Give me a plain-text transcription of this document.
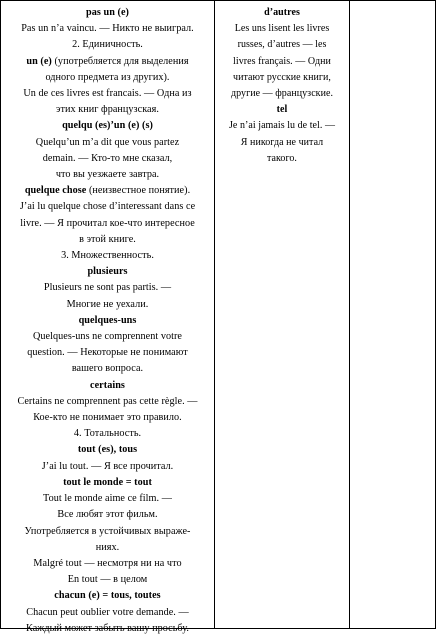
pas un (e)
Pas un n’a vaincu. — Никто не выиграл.
2. Единичность.
un (e) (употребляется для выделения
одного предмета из других).
Un de ces livres est francais. — Одна из
этих книг французская.
quelqu (es)’un (e) (s)
Quelqu’un m’a dit que vous partez
demain. — Кто-то мне сказал,
что вы уезжаете завтра.
quelque chose (неизвестное понятие).
J’ai lu quelque chose d’interessant dans ce
livre. — Я прочитал кое-что интересное
в этой книге.
3. Множественность.
plusieurs
Plusieurs ne sont pas partis. —
Многие не уехали.
quelques-uns
Quelques-uns ne comprennent votre
question. — Некоторые не понимают
вашего вопроса.
certains
Certains ne comprennent pas cette règle. —
Кое-кто не понимает это правило.
4. Тотальность.
tout (es), tous
J’ai lu tout. — Я все прочитал.
tout le monde = tout
Tout le monde aime ce film. —
Все любят этот фильм.
Употребляется в устойчивых выраже-
ниях.
Malgré tout — несмотря ни на что
En tout — в целом
chacun (e) = tous, toutes
Chacun peut oublier votre demande. —
Каждый может забыть вашу просьбу.
d’autres
Les uns lisent les livres
russes, d’autres — les
livres français. — Одни
читают русские книги,
другие — французские.
tel
Je n’ai jamais lu de tel. —
Я никогда не читал
такого.
